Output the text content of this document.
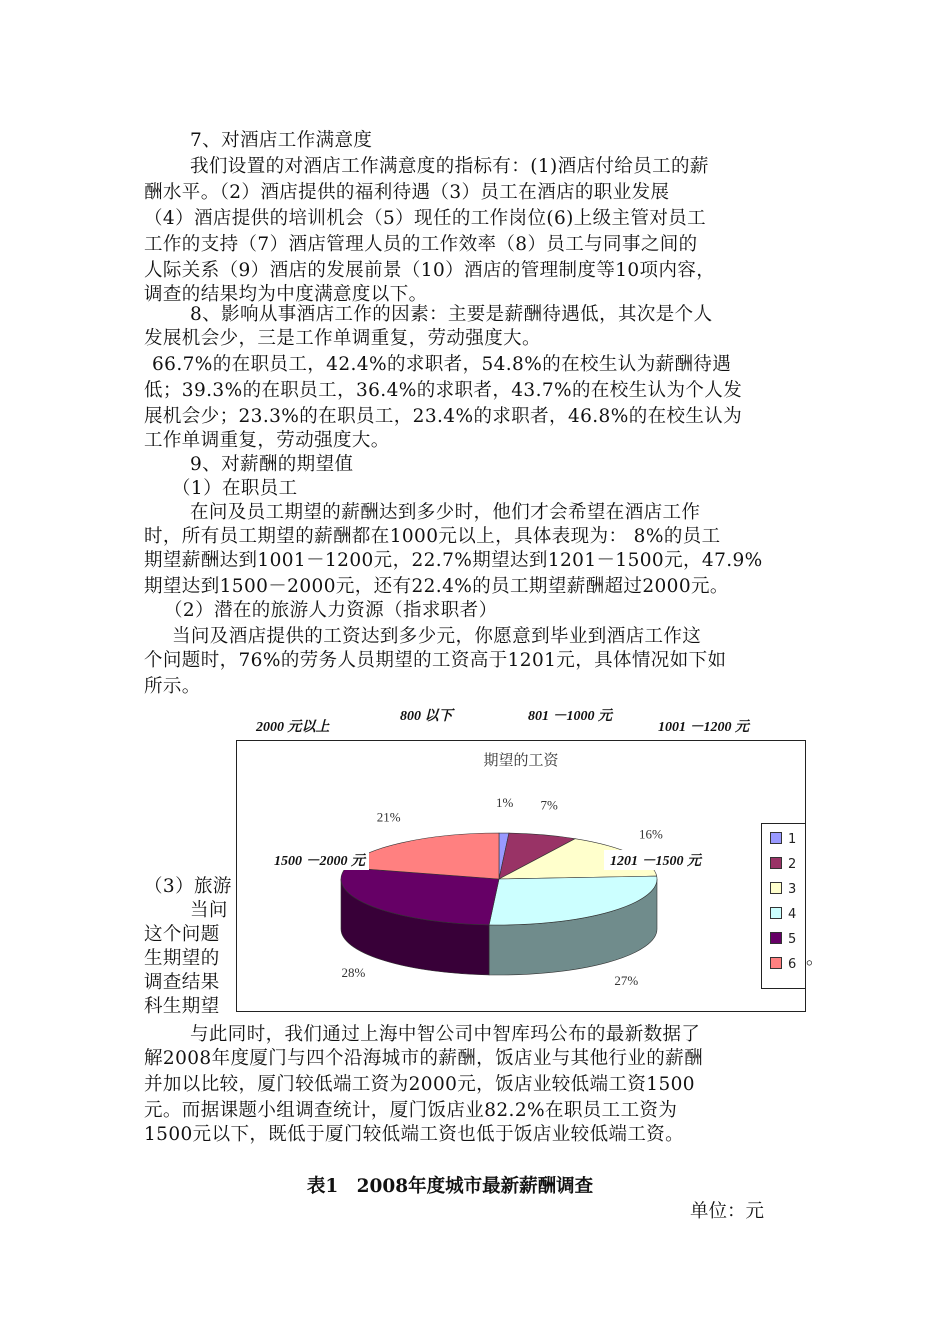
7、对酒店工作满意度
我们设置的对酒店工作满意度的指标有：(1)酒店付给员工的薪
酬水平。（2）酒店提供的福利待遇（3）员工在酒店的职业发展
（4）酒店提供的培训机会（5）现任的工作岗位(6)上级主管对员工
工作的支持（7）酒店管理人员的工作效率（8）员工与同事之间的
人际关系（9）酒店的发展前景（10）酒店的管理制度等10项内容，
调查的结果均为中度满意度以下。
8、影响从事酒店工作的因素：主要是薪酬待遇低，其次是个人
发展机会少，三是工作单调重复，劳动强度大。
66.7%的在职员工，42.4%的求职者，54.8%的在校生认为薪酬待遇
低；39.3%的在职员工，36.4%的求职者，43.7%的在校生认为个人发
展机会少；23.3%的在职员工，23.4%的求职者，46.8%的在校生认为
工作单调重复，劳动强度大。
9、对薪酬的期望值
（1）在职员工
在问及员工期望的薪酬达到多少时，他们才会希望在酒店工作
时，所有员工期望的薪酬都在1000元以上，具体表现为： 8%的员工
期望薪酬达到1001－1200元，22.7%期望达到1201－1500元，47.9%
期望达到1500－2000元，还有22.4%的员工期望薪酬超过2000元。
（2）潜在的旅游人力资源（指求职者）
当问及酒店提供的工资达到多少元，你愿意到毕业到酒店工作这
个问题时，76%的劳务人员期望的工资高于1201元，具体情况如下如
所示。
（3）旅游
当问
这个问题
生期望的
调查结果
科生期望
。
期望的工资
1% 7%
16%
27%
28%
21%
1
2
3
4
5
6
2000 元以上
800 以下	801 －1000 元
1001 －1200 元
1500 －2000 元	1201 －1500 元
与此同时，我们通过上海中智公司中智库玛公布的最新数据了
解2008年度厦门与四个沿海城市的薪酬，饭店业与其他行业的薪酬
并加以比较，厦门较低端工资为2000元，饭店业较低端工资1500
元。而据课题小组调查统计，厦门饭店业82.2%在职员工工资为
1500元以下，既低于厦门较低端工资也低于饭店业较低端工资。
表1　2008年度城市最新薪酬调查
单位：元
